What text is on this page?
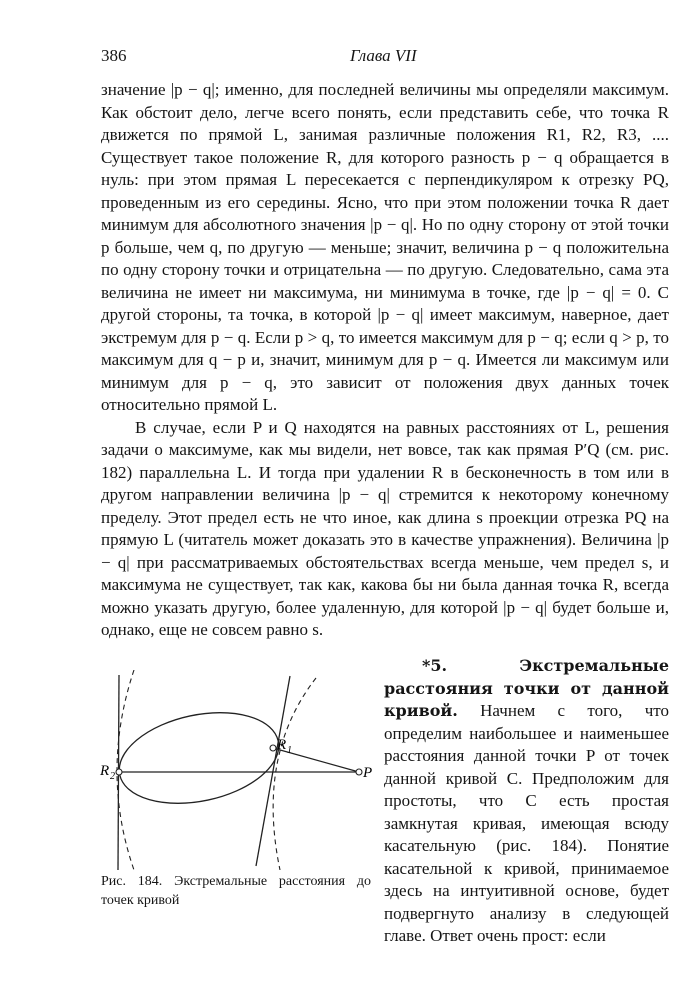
386	Глава VII

значение |p − q|; именно, для последней величины мы определяли максимум. Как обстоит дело, легче всего понять, если представить себе, что точка R движется по прямой L, занимая различные положения R1, R2, R3, .... Существует такое положение R, для которого разность p − q обращается в нуль: при этом прямая L пересекается с перпендикуляром к отрезку PQ, проведенным из его середины. Ясно, что при этом положении точка R дает минимум для абсолютного значения |p − q|. Но по одну сторону от этой точки p больше, чем q, по другую — меньше; значит, величина p − q положительна по одну сторону точки и отрицательна — по другую. Следовательно, сама эта величина не имеет ни максимума, ни минимума в точке, где |p − q| = 0. С другой стороны, та точка, в которой |p − q| имеет максимум, наверное, дает экстремум для p − q. Если p > q, то имеется максимум для p − q; если q > p, то максимум для q − p и, значит, минимум для p − q. Имеется ли максимум или минимум для p − q, это зависит от положения двух данных точек относительно прямой L.

В случае, если P и Q находятся на равных расстояниях от L, решения задачи о максимуме, как мы видели, нет вовсе, так как прямая P′Q (см. рис. 182) параллельна L. И тогда при удалении R в бесконечность в том или в другом направлении величина |p − q| стремится к некоторому конечному пределу. Этот предел есть не что иное, как длина s проекции отрезка PQ на прямую L (читатель может доказать это в качестве упражнения). Величина |p − q| при рассматриваемых обстоятельствах всегда меньше, чем предел s, и максимума не существует, так как, какова бы ни была данная точка R, всегда можно указать другую, более удаленную, для которой |p − q| будет больше и, однако, еще не совсем равно s.

R 1
R 2	P
Рис. 184. Экстремальные расстояния до точек кривой
*5. Экстремальные расстояния точки от данной кривой. Начнем с того, что определим наибольшее и наименьшее расстояния данной точки P от точек данной кривой C. Предположим для простоты, что C есть простая замкнутая кривая, имеющая всюду касательную (рис. 184). Понятие касательной к кривой, принимаемое здесь на интуитивной основе, будет подвергнуто анализу в следующей главе. Ответ очень прост: если
